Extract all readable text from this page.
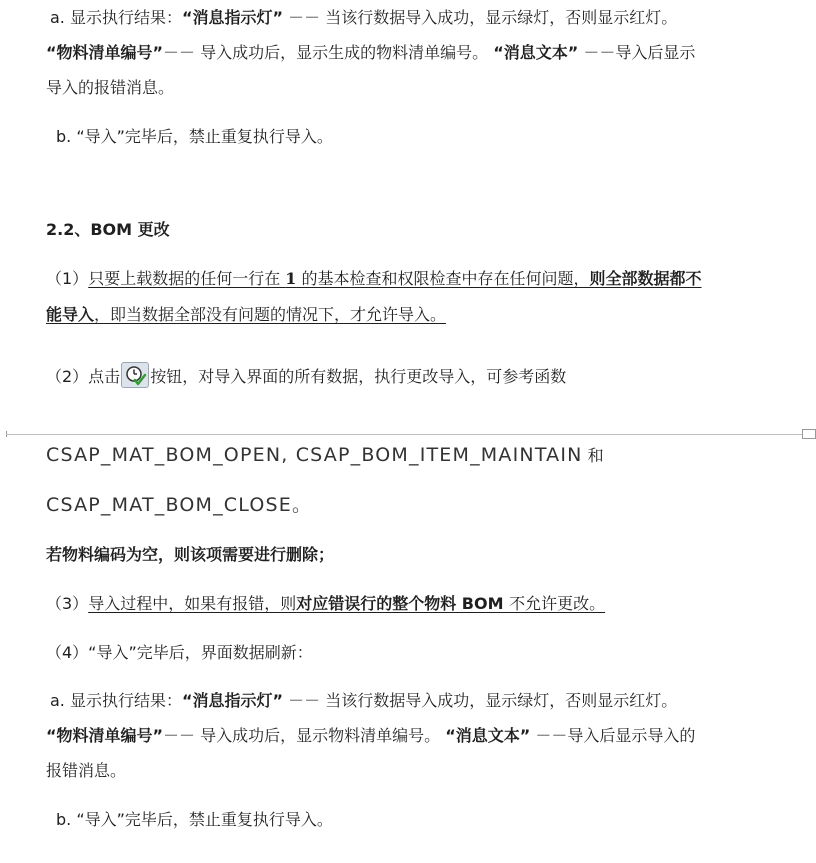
a. 显示执行结果：“消息指示灯” －－ 当该行数据导入成功，显示绿灯，否则显示红灯。
“物料清单编号”－－ 导入成功后，显示生成的物料清单编号。 “消息文本” －－导入后显示
导入的报错消息。
b. “导入”完毕后，禁止重复执行导入。
2.2、BOM 更改
（1）只要上载数据的任何一行在 1 的基本检查和权限检查中存在任何问题，则全部数据都不
能导入，即当数据全部没有问题的情况下，才允许导入。
（2）点击 按钮，对导入界面的所有数据，执行更改导入，可参考函数
CSAP_MAT_BOM_OPEN, CSAP_BOM_ITEM_MAINTAIN 和
CSAP_MAT_BOM_CLOSE。
若物料编码为空，则该项需要进行删除；
（3）导入过程中，如果有报错，则对应错误行的整个物料 BOM 不允许更改。
（4）“导入”完毕后，界面数据刷新：
a. 显示执行结果：“消息指示灯” －－ 当该行数据导入成功，显示绿灯，否则显示红灯。
“物料清单编号”－－ 导入成功后，显示物料清单编号。 “消息文本” －－导入后显示导入的
报错消息。
b. “导入”完毕后，禁止重复执行导入。
